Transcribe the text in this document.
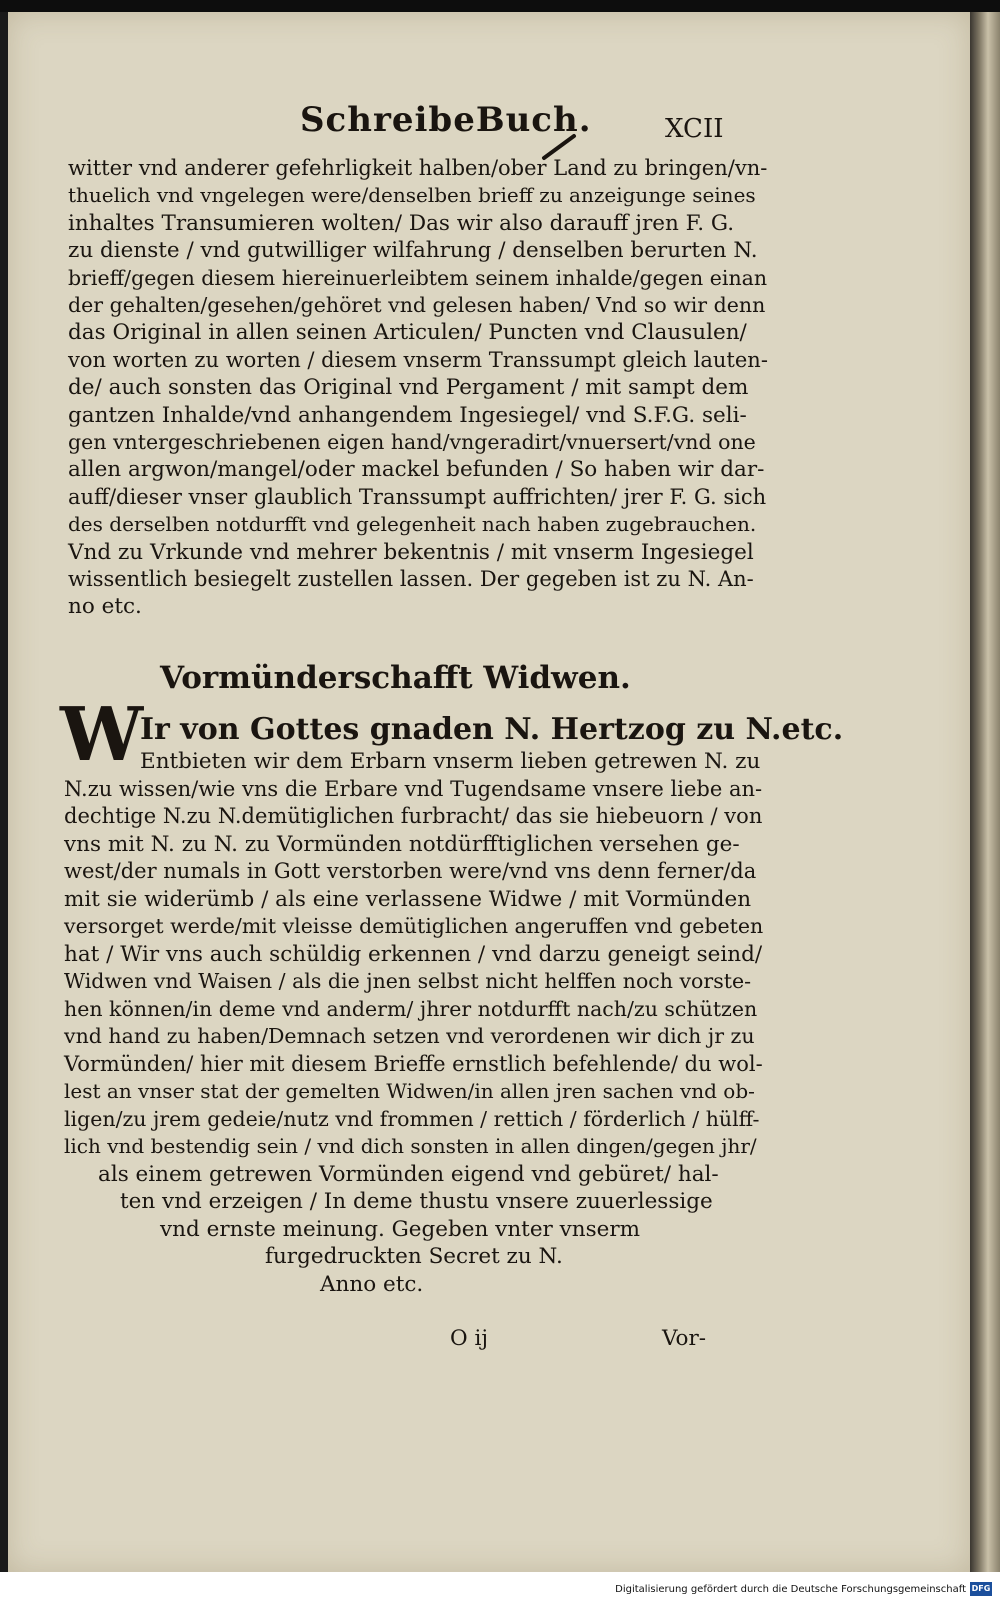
SchreibeBuch.	XCII
witter vnd anderer gefehrligkeit halben/ober Land zu bringen/vn-
thuelich vnd vngelegen were/denselben brieff zu anzeigunge seines
inhaltes Transumieren wolten/ Das wir also darauff jren F. G.
zu dienste / vnd gutwilliger wilfahrung / denselben berurten N.
brieff/gegen diesem hiereinuerleibtem seinem inhalde/gegen einan
der gehalten/gesehen/gehöret vnd gelesen haben/ Vnd so wir denn
das Original in allen seinen Articulen/ Puncten vnd Clausulen/
von worten zu worten / diesem vnserm Transsumpt gleich lauten-
de/ auch sonsten das Original vnd Pergament / mit sampt dem
gantzen Inhalde/vnd anhangendem Ingesiegel/ vnd S.F.G. seli-
gen vntergeschriebenen eigen hand/vngeradirt/vnuersert/vnd one
allen argwon/mangel/oder mackel befunden / So haben wir dar-
auff/dieser vnser glaublich Transsumpt auffrichten/ jrer F. G. sich
des derselben notdurfft vnd gelegenheit nach haben zugebrauchen.
Vnd zu Vrkunde vnd mehrer bekentnis / mit vnserm Ingesiegel
wissentlich besiegelt zustellen lassen. Der gegeben ist zu N. An-
no etc.
Vormünderschafft Widwen.
W
Ir von Gottes gnaden N. Hertzog zu N.etc.
Entbieten wir dem Erbarn vnserm lieben getrewen N. zu
N.zu wissen/wie vns die Erbare vnd Tugendsame vnsere liebe an-
dechtige N.zu N.demütiglichen furbracht/ das sie hiebeuorn / von
vns mit N. zu N. zu Vormünden notdürfftiglichen versehen ge-
west/der numals in Gott verstorben were/vnd vns denn ferner/da
mit sie widerümb / als eine verlassene Widwe / mit Vormünden
versorget werde/mit vleisse demütiglichen angeruffen vnd gebeten
hat / Wir vns auch schüldig erkennen / vnd darzu geneigt seind/
Widwen vnd Waisen / als die jnen selbst nicht helffen noch vorste-
hen können/in deme vnd anderm/ jhrer notdurfft nach/zu schützen
vnd hand zu haben/Demnach setzen vnd verordenen wir dich jr zu
Vormünden/ hier mit diesem Brieffe ernstlich befehlende/ du wol-
lest an vnser stat der gemelten Widwen/in allen jren sachen vnd ob-
ligen/zu jrem gedeie/nutz vnd frommen / rettich / förderlich / hülff-
lich vnd bestendig sein / vnd dich sonsten in allen dingen/gegen jhr/
als einem getrewen Vormünden eigend vnd gebüret/ hal-
ten vnd erzeigen / In deme thustu vnsere zuuerlessige
vnd ernste meinung. Gegeben vnter vnserm
furgedruckten Secret zu N.
Anno etc.
O ij	Vor-
Digitalisierung gefördert durch die Deutsche Forschungsgemeinschaft DFG
